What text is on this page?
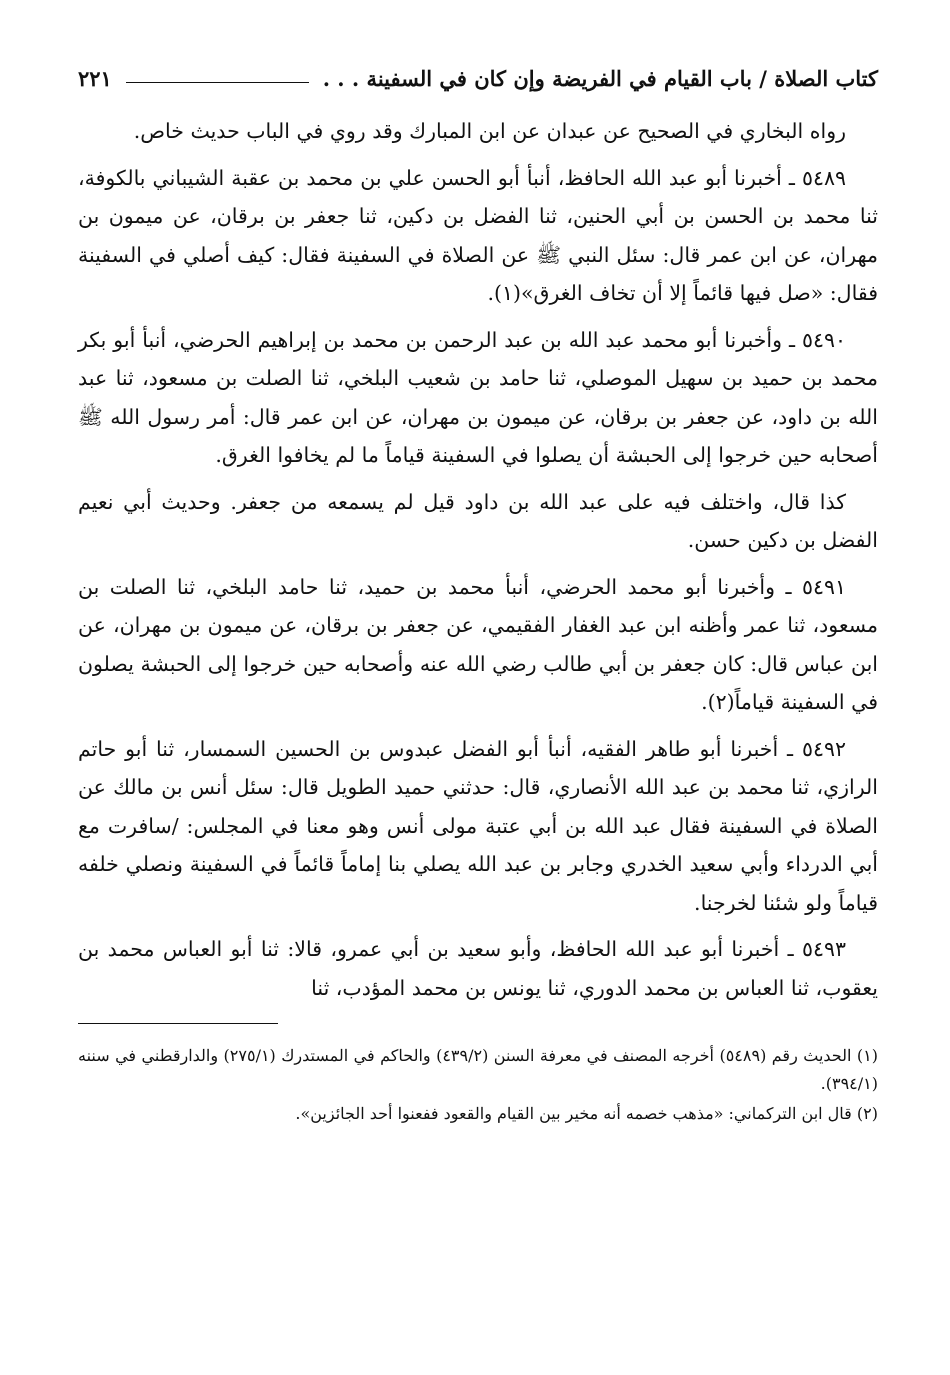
كتاب الصلاة / باب القيام في الفريضة وإن كان في السفينة . . .
٢٢١

رواه البخاري في الصحيح عن عبدان عن ابن المبارك وقد روي في الباب حديث خاص.

٥٤٨٩ ـ أخبرنا أبو عبد الله الحافظ، أنبأ أبو الحسن علي بن محمد بن عقبة الشيباني بالكوفة، ثنا محمد بن الحسن بن أبي الحنين، ثنا الفضل بن دكين، ثنا جعفر بن برقان، عن ميمون بن مهران، عن ابن عمر قال: سئل النبي ﷺ عن الصلاة في السفينة فقال: كيف أصلي في السفينة فقال: «صل فيها قائماً إلا أن تخاف الغرق»(١).

٥٤٩٠ ـ وأخبرنا أبو محمد عبد الله بن عبد الرحمن بن محمد بن إبراهيم الحرضي، أنبأ أبو بكر محمد بن حميد بن سهيل الموصلي، ثنا حامد بن شعيب البلخي، ثنا الصلت بن مسعود، ثنا عبد الله بن داود، عن جعفر بن برقان، عن ميمون بن مهران، عن ابن عمر قال: أمر رسول الله ﷺ أصحابه حين خرجوا إلى الحبشة أن يصلوا في السفينة قياماً ما لم يخافوا الغرق.

كذا قال، واختلف فيه على عبد الله بن داود قيل لم يسمعه من جعفر. وحديث أبي نعيم الفضل بن دكين حسن.

٥٤٩١ ـ وأخبرنا أبو محمد الحرضي، أنبأ محمد بن حميد، ثنا حامد البلخي، ثنا الصلت بن مسعود، ثنا عمر وأظنه ابن عبد الغفار الفقيمي، عن جعفر بن برقان، عن ميمون بن مهران، عن ابن عباس قال: كان جعفر بن أبي طالب رضي الله عنه وأصحابه حين خرجوا إلى الحبشة يصلون في السفينة قياماً(٢).

٥٤٩٢ ـ أخبرنا أبو طاهر الفقيه، أنبأ أبو الفضل عبدوس بن الحسين السمسار، ثنا أبو حاتم الرازي، ثنا محمد بن عبد الله الأنصاري، قال: حدثني حميد الطويل قال: سئل أنس بن مالك عن الصلاة في السفينة فقال عبد الله بن أبي عتبة مولى أنس وهو معنا في المجلس: /سافرت مع أبي الدرداء وأبي سعيد الخدري وجابر بن عبد الله يصلي بنا إماماً قائماً في السفينة ونصلي خلفه قياماً ولو شئنا لخرجنا.

٥٤٩٣ ـ أخبرنا أبو عبد الله الحافظ، وأبو سعيد بن أبي عمرو، قالا: ثنا أبو العباس محمد بن يعقوب، ثنا العباس بن محمد الدوري، ثنا يونس بن محمد المؤدب، ثنا

(١) الحديث رقم (٥٤٨٩) أخرجه المصنف في معرفة السنن (٤٣٩/٢) والحاكم في المستدرك (٢٧٥/١) والدارقطني في سننه (٣٩٤/١).

(٢) قال ابن التركماني: «مذهب خصمه أنه مخير بين القيام والقعود ففعنوا أحد الجائزين».
